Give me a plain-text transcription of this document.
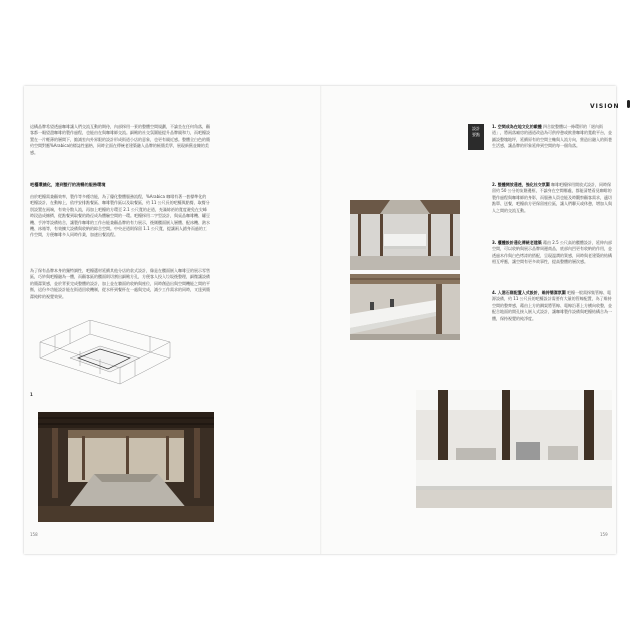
這構品牌希望透過咖啡讓人們交流互動的期待，內部採用一景的整體空間規劃，不論坐在任何角落，顧客都一眼望盡咖啡的製作過程，也能由在與咖啡師交流。細緻的社交氛圍能提升品牌親和力，而吧檯設置在一片輕薄的層間下，縮減室內外界限的設計形成街道小店的意象，也更有親近感。整體全白色的簡約空間對應%Arabica的標誌性風格，同時全面在傳統老建築融入品牌的極簡美學，展現新舊並陳的美感。
吧檯環繞化，達到整行的流暢的服務環境
由於吧檯需兼顧效率，製作等多種功能，為了優化整體服務流程，%Arabica 咖啡有著一套標準化的吧檯設計，在動線上，依序安排點餐區、咖啡製作區以及取餐區，約 11 公尺長的吧檯與點餐、取餐分別設置在兩端，有效分散人流，再加上吧檯的方環至 2.1 公尺寬的走道，充滿餘裕的寬度避免在尖峰時段造成擁擠，從點餐到取餐的路徑成為體驗空間的一環。吧檯採用二字型設計，與桌品咖啡機、罐豆機、手沖等設備結合，讓製作咖啡的工作台能兼顧品牌的有力展示，後側櫃面嵌入層體、配冰機、熱水機、冰箱等，有效擴大設備與收納的綜合空間。中央走道則保留 1.1 公尺寬，提讓兩人錯身而過的工作空間，方便咖啡多人同時作業，加速出餐流程。
為了保有品牌本身的獨特調性，吧檯選材延續其他分店的款式設計，像是在櫃面嵌入咖啡豆的展示零售區，巧妙與吧檯融為一體，而顧客區的櫃面則切割出細緻方孔，方便客人投入垃圾後整理，細微讓設備的簡潔質感，並於背景完成整體的設計，加上並在牆面的收納與座位，同時創造出與空間機能之間的平衡，這份多功能設計能在街道回收機制，從水杯到餐杯在一處與完成，減少工作需求的同時，又達到簡潔純粹的視覺效果。
1
158
VISION
設計要點
1. 空間成為在地文化的載體 四合院整體以一條環形的「迴內街道」，將兩落廂房的通道改造為可供停憩或飲書咖啡的寬敞平台，並鋪設整塊地坪，延續原有的空間主軸與人流方向，營造出融入的街巷生活感，讓品牌的形象延伸到空間的每一個角落。
2. 整體開放通透，強化社交氛圍 咖啡吧檯採用開放式設計，同時保留約 50 公分的灰階邊框，不論身在空間哪處，都能清楚看見咖啡的製作過程與咖啡師的身影，而服務人員也能及時觀察顧客需求，適切點單、送餐，吧檯前方更保留座位區，讓人們聊天或休憩，增加人與人之間的交流互動。
3. 櫃體設計通化傳統老建築 藉由 2.5 公尺高的櫃體設計，延伸內部空間，可以收納與展示品牌周邊商品，底部內凹更有收納的作用，並透過木作與白色烤漆的搭配，呈現溫潤的質感，同時與老建築的結構相互呼應，讓空間有更多故事性，提高整體的層次感。
4. 入港石階配置入式設計，維持簡潔氛圍 吧檯一般需採集管線、電源設備，約 11 公尺長的吧檯設計需要有大量的管線配置，為了維持空間的整齊感，藉由上方的鋼架將管線、電線沿著上方橫向收整，並配合地面的開孔接入嵌入式設計，讓咖啡製作設備與吧檯結構合為一體，保持視覺的純淨度。
159
